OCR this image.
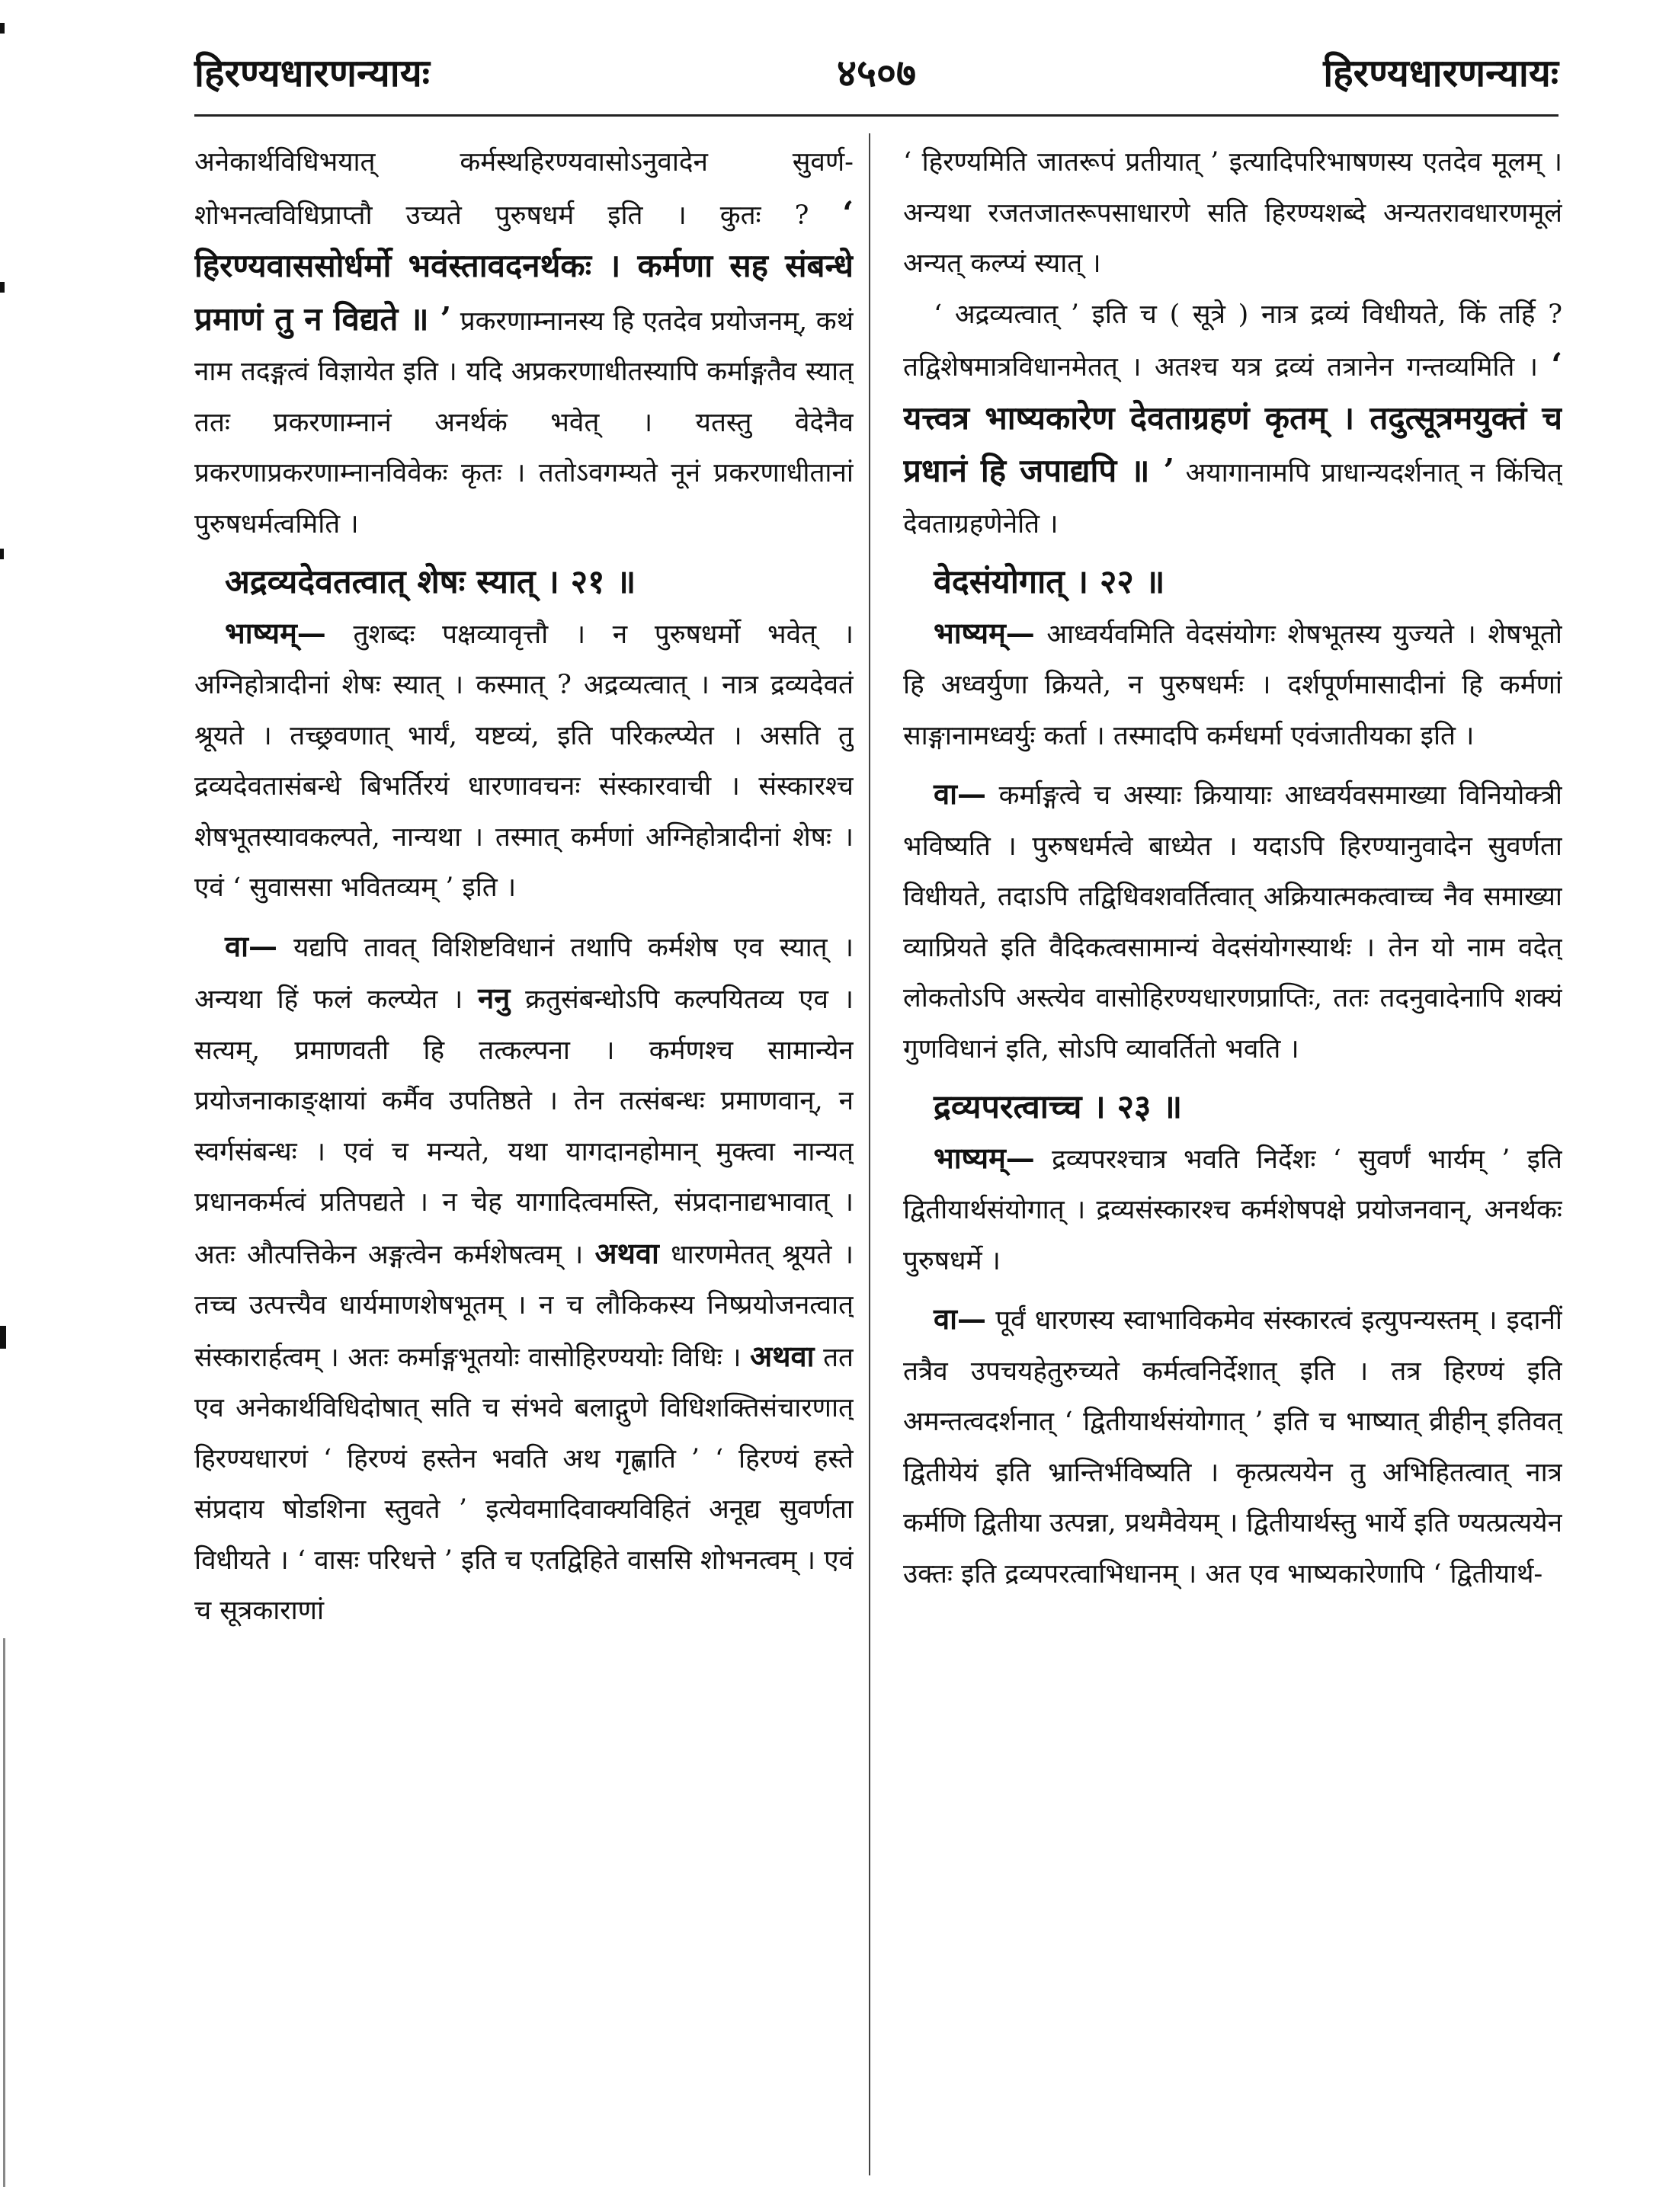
हिरण्यधारणन्यायः	४५०७	हिरण्यधारणन्यायः

अनेकार्थविधिभयात् कर्मस्थहिरण्यवासोऽनुवादेन सुवर्ण-शोभनत्वविधिप्राप्तौ उच्यते पुरुषधर्म इति । कुतः ? ‘ हिरण्यवाससोर्धर्मो भवंस्तावदनर्थकः । कर्मणा सह संबन्धे प्रमाणं तु न विद्यते ॥ ’ प्रकरणाम्नानस्य हि एतदेव प्रयोजनम्, कथं नाम तदङ्गत्वं विज्ञायेत इति । यदि अप्रकरणाधीतस्यापि कर्माङ्गतैव स्यात् ततः प्रकरणाम्नानं अनर्थकं भवेत् । यतस्तु वेदेनैव प्रकरणाप्रकरणाम्नानविवेकः कृतः । ततोऽवगम्यते नूनं प्रकरणाधीतानां पुरुषधर्मत्वमिति ।

अद्रव्यदेवतत्वात् शेषः स्यात् । २१ ॥

भाष्यम्— तुशब्दः पक्षव्यावृत्तौ । न पुरुषधर्मो भवेत् । अग्निहोत्रादीनां शेषः स्यात् । कस्मात् ? अद्रव्यत्वात् । नात्र द्रव्यदेवतं श्रूयते । तच्छ्रवणात् भार्यं, यष्टव्यं, इति परिकल्प्येत । असति तु द्रव्यदेवतासंबन्धे बिभर्तिरयं धारणावचनः संस्कारवाची । संस्कारश्च शेषभूतस्यावकल्पते, नान्यथा । तस्मात् कर्मणां अग्निहोत्रादीनां शेषः । एवं ‘ सुवाससा भवितव्यम् ’ इति ।

वा— यद्यपि तावत् विशिष्टविधानं तथापि कर्मशेष एव स्यात् । अन्यथा हिं फलं कल्प्येत । ननु क्रतुसंबन्धोऽपि कल्पयितव्य एव । सत्यम्, प्रमाणवती हि तत्कल्पना । कर्मणश्च सामान्येन प्रयोजनाकाङ्क्षायां कर्मैव उपतिष्ठते । तेन तत्संबन्धः प्रमाणवान्, न स्वर्गसंबन्धः । एवं च मन्यते, यथा यागदानहोमान् मुक्त्वा नान्यत् प्रधानकर्मत्वं प्रतिपद्यते । न चेह यागादित्वमस्ति, संप्रदानाद्यभावात् । अतः औत्पत्तिकेन अङ्गत्वेन कर्मशेषत्वम् । अथवा धारणमेतत् श्रूयते । तच्च उत्पत्त्यैव धार्यमाणशेषभूतम् । न च लौकिकस्य निष्प्रयोजनत्वात् संस्कारार्हत्वम् । अतः कर्माङ्गभूतयोः वासोहिरण्ययोः विधिः । अथवा तत एव अनेकार्थविधिदोषात् सति च संभवे बलाद्गुणे विधिशक्तिसंचारणात् हिरण्यधारणं ‘ हिरण्यं हस्तेन भवति अथ गृह्णाति ’ ‘ हिरण्यं हस्ते संप्रदाय षोडशिना स्तुवते ’ इत्येवमादिवाक्यविहितं अनूद्य सुवर्णता विधीयते । ‘ वासः परिधत्ते ’ इति च एतद्विहिते वाससि शोभनत्वम् । एवं च सूत्रकाराणां

‘ हिरण्यमिति जातरूपं प्रतीयात् ’ इत्यादिपरिभाषणस्य एतदेव मूलम् । अन्यथा रजतजातरूपसाधारणे सति हिरण्यशब्दे अन्यतरावधारणमूलं अन्यत् कल्प्यं स्यात् ।

‘ अद्रव्यत्वात् ’ इति च ( सूत्रे ) नात्र द्रव्यं विधीयते, किं तर्हि ? तद्विशेषमात्रविधानमेतत् । अतश्च यत्र द्रव्यं तत्रानेन गन्तव्यमिति । ‘ यत्त्वत्र भाष्यकारेण देवताग्रहणं कृतम् । तदुत्सूत्रमयुक्तं च प्रधानं हि जपाद्यपि ॥ ’ अयागानामपि प्राधान्यदर्शनात् न किंचित् देवताग्रहणेनेति ।

वेदसंयोगात् । २२ ॥

भाष्यम्— आध्वर्यवमिति वेदसंयोगः शेषभूतस्य युज्यते । शेषभूतो हि अध्वर्युणा क्रियते, न पुरुषधर्मः । दर्शपूर्णमासादीनां हि कर्मणां साङ्गानामध्वर्युः कर्ता । तस्मादपि कर्मधर्मा एवंजातीयका इति ।

वा— कर्माङ्गत्वे च अस्याः क्रियायाः आध्वर्यवसमाख्या विनियोक्त्री भविष्यति । पुरुषधर्मत्वे बाध्येत । यदाऽपि हिरण्यानुवादेन सुवर्णता विधीयते, तदाऽपि तद्विधिवशवर्तित्वात् अक्रियात्मकत्वाच्च नैव समाख्या व्याप्रियते इति वैदिकत्वसामान्यं वेदसंयोगस्यार्थः । तेन यो नाम वदेत् लोकतोऽपि अस्त्येव वासोहिरण्यधारणप्राप्तिः, ततः तदनुवादेनापि शक्यं गुणविधानं इति, सोऽपि व्यावर्तितो भवति ।

द्रव्यपरत्वाच्च । २३ ॥

भाष्यम्— द्रव्यपरश्चात्र भवति निर्देशः ‘ सुवर्णं भार्यम् ’ इति द्वितीयार्थसंयोगात् । द्रव्यसंस्कारश्च कर्मशेषपक्षे प्रयोजनवान्, अनर्थकः पुरुषधर्मे ।

वा— पूर्वं धारणस्य स्वाभाविकमेव संस्कारत्वं इत्युपन्यस्तम् । इदानीं तत्रैव उपचयहेतुरुच्यते कर्मत्वनिर्देशात् इति । तत्र हिरण्यं इति अमन्तत्वदर्शनात् ‘ द्वितीयार्थसंयोगात् ’ इति च भाष्यात् व्रीहीन् इतिवत् द्वितीयेयं इति भ्रान्तिर्भविष्यति । कृत्प्रत्ययेन तु अभिहितत्वात् नात्र कर्मणि द्वितीया उत्पन्ना, प्रथमैवेयम् । द्वितीयार्थस्तु भार्ये इति ण्यत्प्रत्ययेन उक्तः इति द्रव्यपरत्वाभिधानम् । अत एव भाष्यकारेणापि ‘ द्वितीयार्थ-
